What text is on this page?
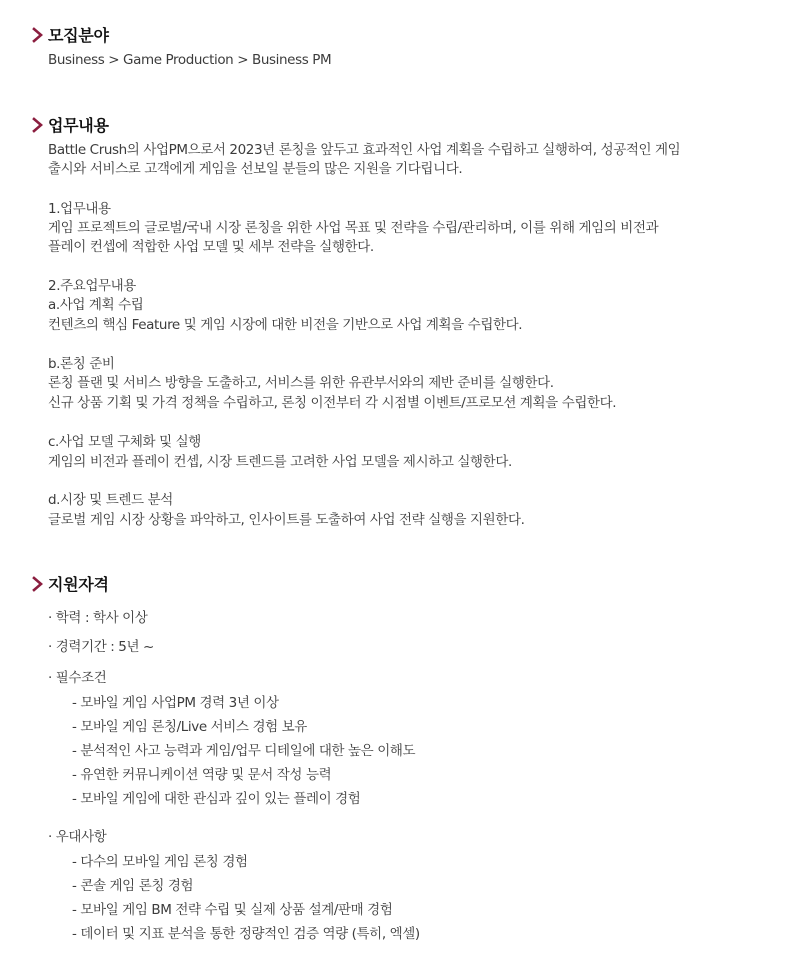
모집분야
Business > Game Production > Business PM
업무내용
Battle Crush의 사업PM으로서 2023년 론칭을 앞두고 효과적인 사업 계획을 수립하고 실행하여, 성공적인 게임
출시와 서비스로 고객에게 게임을 선보일 분들의 많은 지원을 기다립니다.
1.업무내용
게임 프로젝트의 글로벌/국내 시장 론칭을 위한 사업 목표 및 전략을 수립/관리하며, 이를 위해 게임의 비전과
플레이 컨셉에 적합한 사업 모델 및 세부 전략을 실행한다.
2.주요업무내용
a.사업 계획 수립
컨텐츠의 핵심 Feature 및 게임 시장에 대한 비전을 기반으로 사업 계획을 수립한다.
b.론칭 준비
론칭 플랜 및 서비스 방향을 도출하고, 서비스를 위한 유관부서와의 제반 준비를 실행한다.
신규 상품 기획 및 가격 정책을 수립하고, 론칭 이전부터 각 시점별 이벤트/프로모션 계획을 수립한다.
c.사업 모델 구체화 및 실행
게임의 비전과 플레이 컨셉, 시장 트렌드를 고려한 사업 모델을 제시하고 실행한다.
d.시장 및 트렌드 분석
글로벌 게임 시장 상황을 파악하고, 인사이트를 도출하여 사업 전략 실행을 지원한다.
지원자격
· 학력 : 학사 이상
· 경력기간 : 5년 ~
· 필수조건
- 모바일 게임 사업PM 경력 3년 이상
- 모바일 게임 론칭/Live 서비스 경험 보유
- 분석적인 사고 능력과 게임/업무 디테일에 대한 높은 이해도
- 유연한 커뮤니케이션 역량 및 문서 작성 능력
- 모바일 게임에 대한 관심과 깊이 있는 플레이 경험
· 우대사항
- 다수의 모바일 게임 론칭 경험
- 콘솔 게임 론칭 경험
- 모바일 게임 BM 전략 수립 및 실제 상품 설계/판매 경험
- 데이터 및 지표 분석을 통한 정량적인 검증 역량 (특히, 엑셀)
